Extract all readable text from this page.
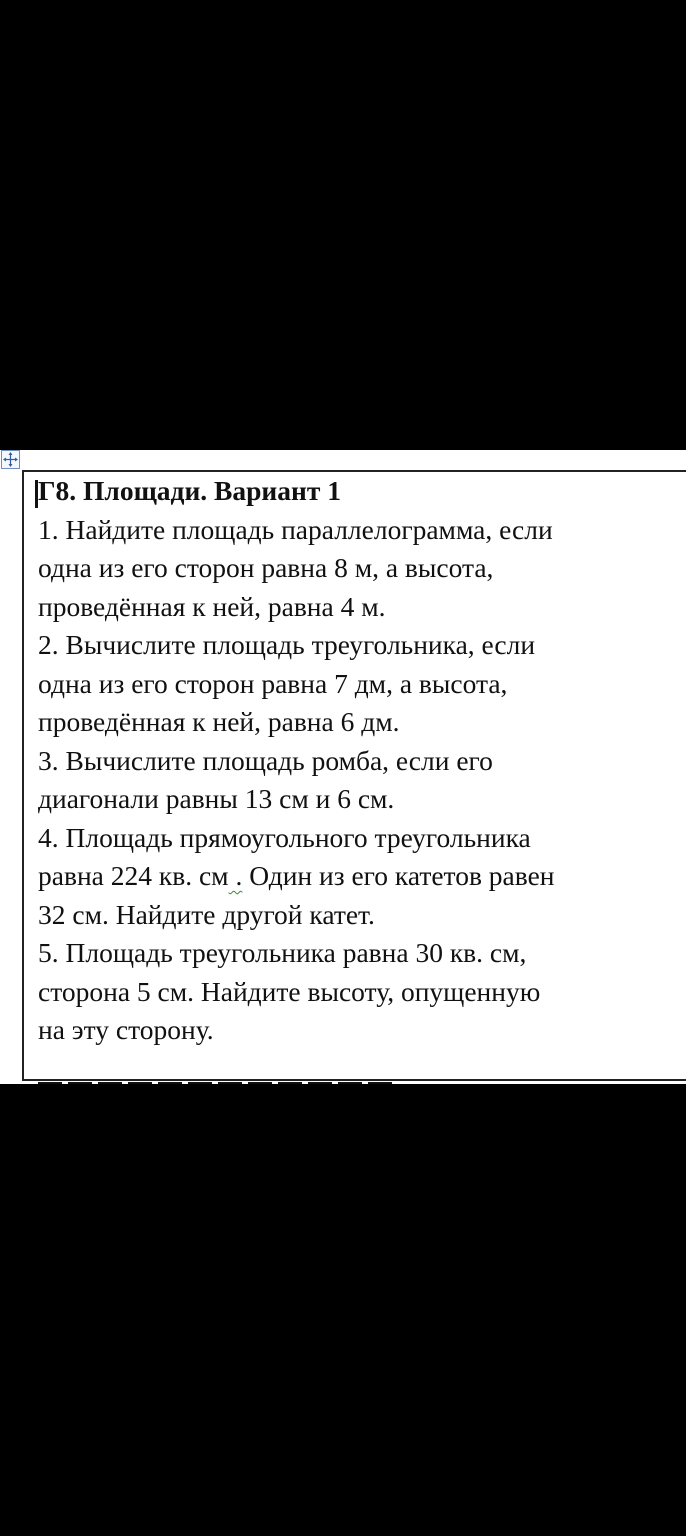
Г8. Площади. Вариант 1

1. Найдите площадь параллелограмма, если

одна из его сторон равна 8 м, а высота,

проведённая к ней, равна 4 м.

2. Вычислите площадь треугольника, если

одна из его сторон равна 7 дм, а высота,

проведённая к ней, равна 6 дм.

3. Вычислите площадь ромба, если его

диагонали равны 13 см и 6 см.

4. Площадь прямоугольного треугольника

равна 224 кв. см . Один из его катетов равен

32 см. Найдите другой катет.

5. Площадь треугольника равна 30 кв. см,

сторона 5 см. Найдите высоту, опущенную

на эту сторону.
